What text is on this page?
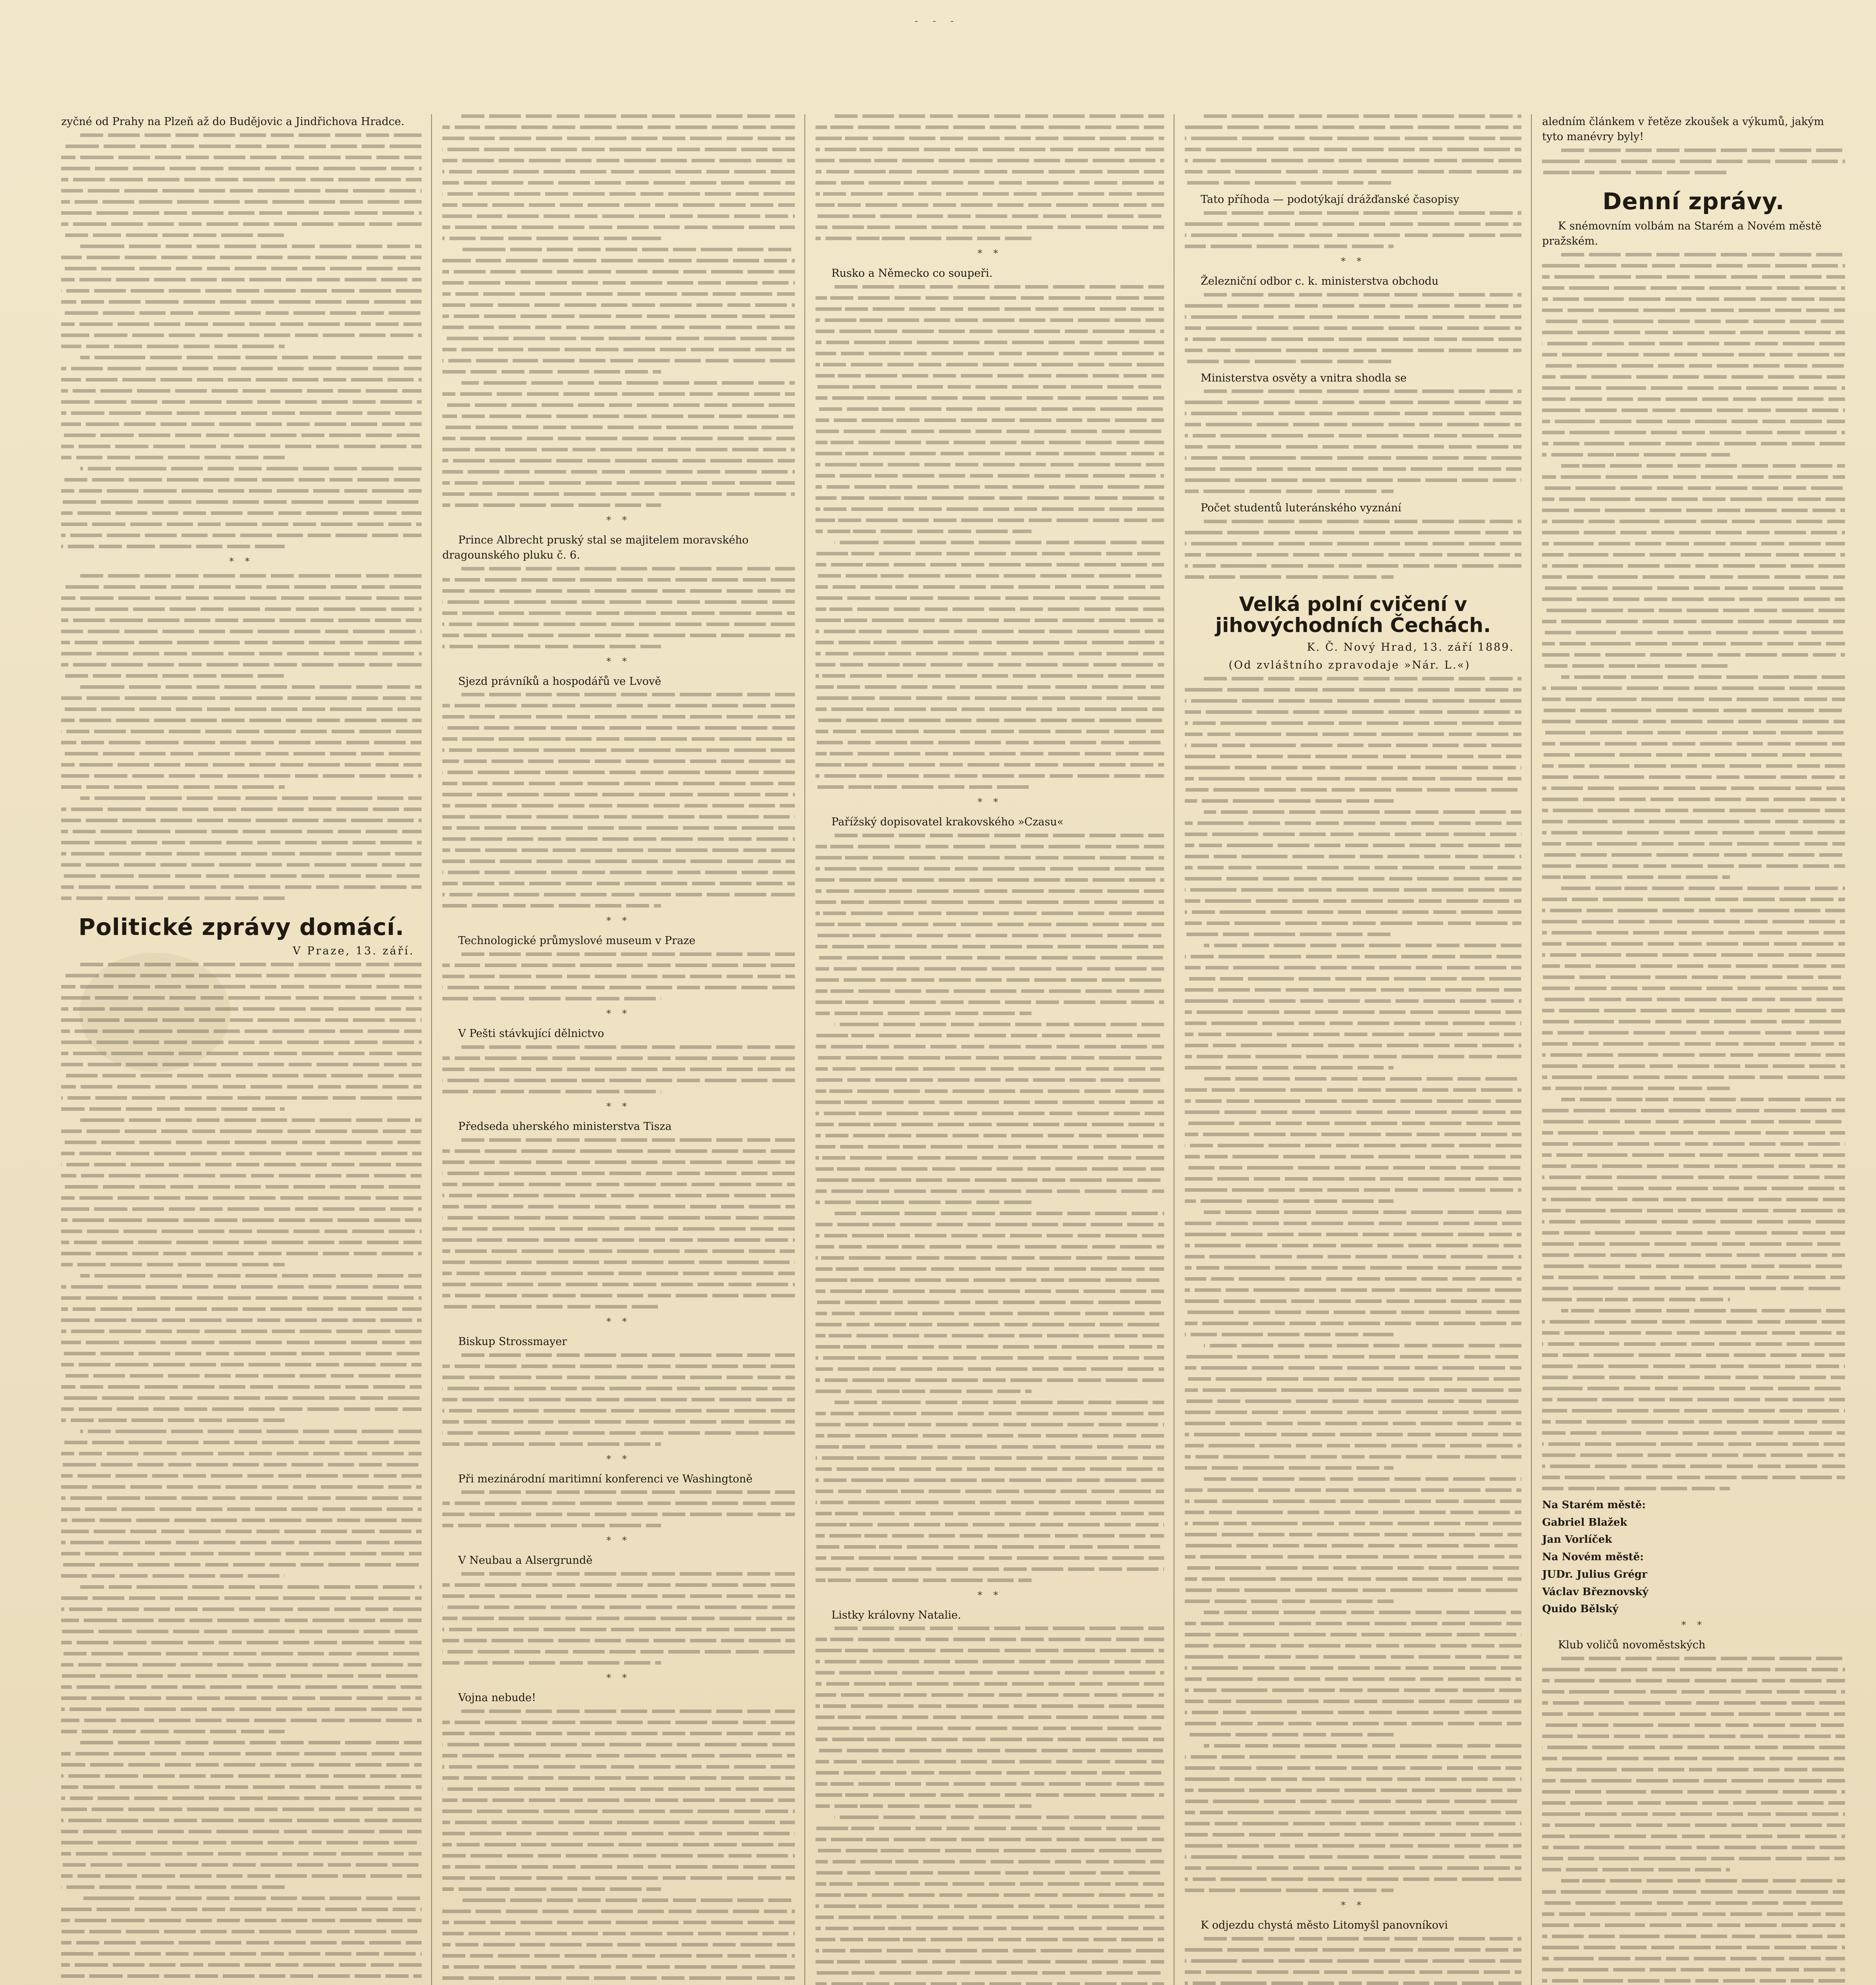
- - -
zyčné od Prahy na Plzeň až do Budějovic a Jindřichova Hradce.
* *
Politické zprávy domácí.
V Praze, 13. září.
* *
Prince Albrecht pruský stal se majitelem moravského dragounského pluku č. 6.
* *
Sjezd právníků a hospodářů ve Lvově
* *
Technologické průmyslové museum v Praze
* *
V Pešti stávkující dělnictvo
* *
Předseda uherského ministerstva Tisza
* *
Biskup Strossmayer
* *
Při mezinárodní maritimní konferenci ve Washingtoně
* *
V Neubau a Alsergrundě
* *
Vojna nebude!
* *
Rusko a Německo co soupeři.
* *
Pařížský dopisovatel krakovského »Czasu«
* *
Listky královny Natalie.
Tato příhoda — podotýkají drážďanské časopisy
* *
Železniční odbor c. k. ministerstva obchodu
Ministerstva osvěty a vnitra shodla se
Počet studentů luteránského vyznání
Velká polní cvičení v jihovýchodních Čechách.
K. Č. Nový Hrad, 13. září 1889.
(Od zvláštního zpravodaje »Nár. L.«)
* *
K odjezdu chystá město Litomyšl panovníkovi
aledním článkem v řetěze zkoušek a výkumů, jakým tyto manévry byly!
Denní zprávy.
K snémovním volbám na Starém a Novém městě pražském.
Na Starém městě:
Gabriel Blažek
Jan Vorlíček
Na Novém městě:
JUDr. Julius Grégr
Václav Březnovský
Quido Bělský
* *
Klub voličů novoměstských
